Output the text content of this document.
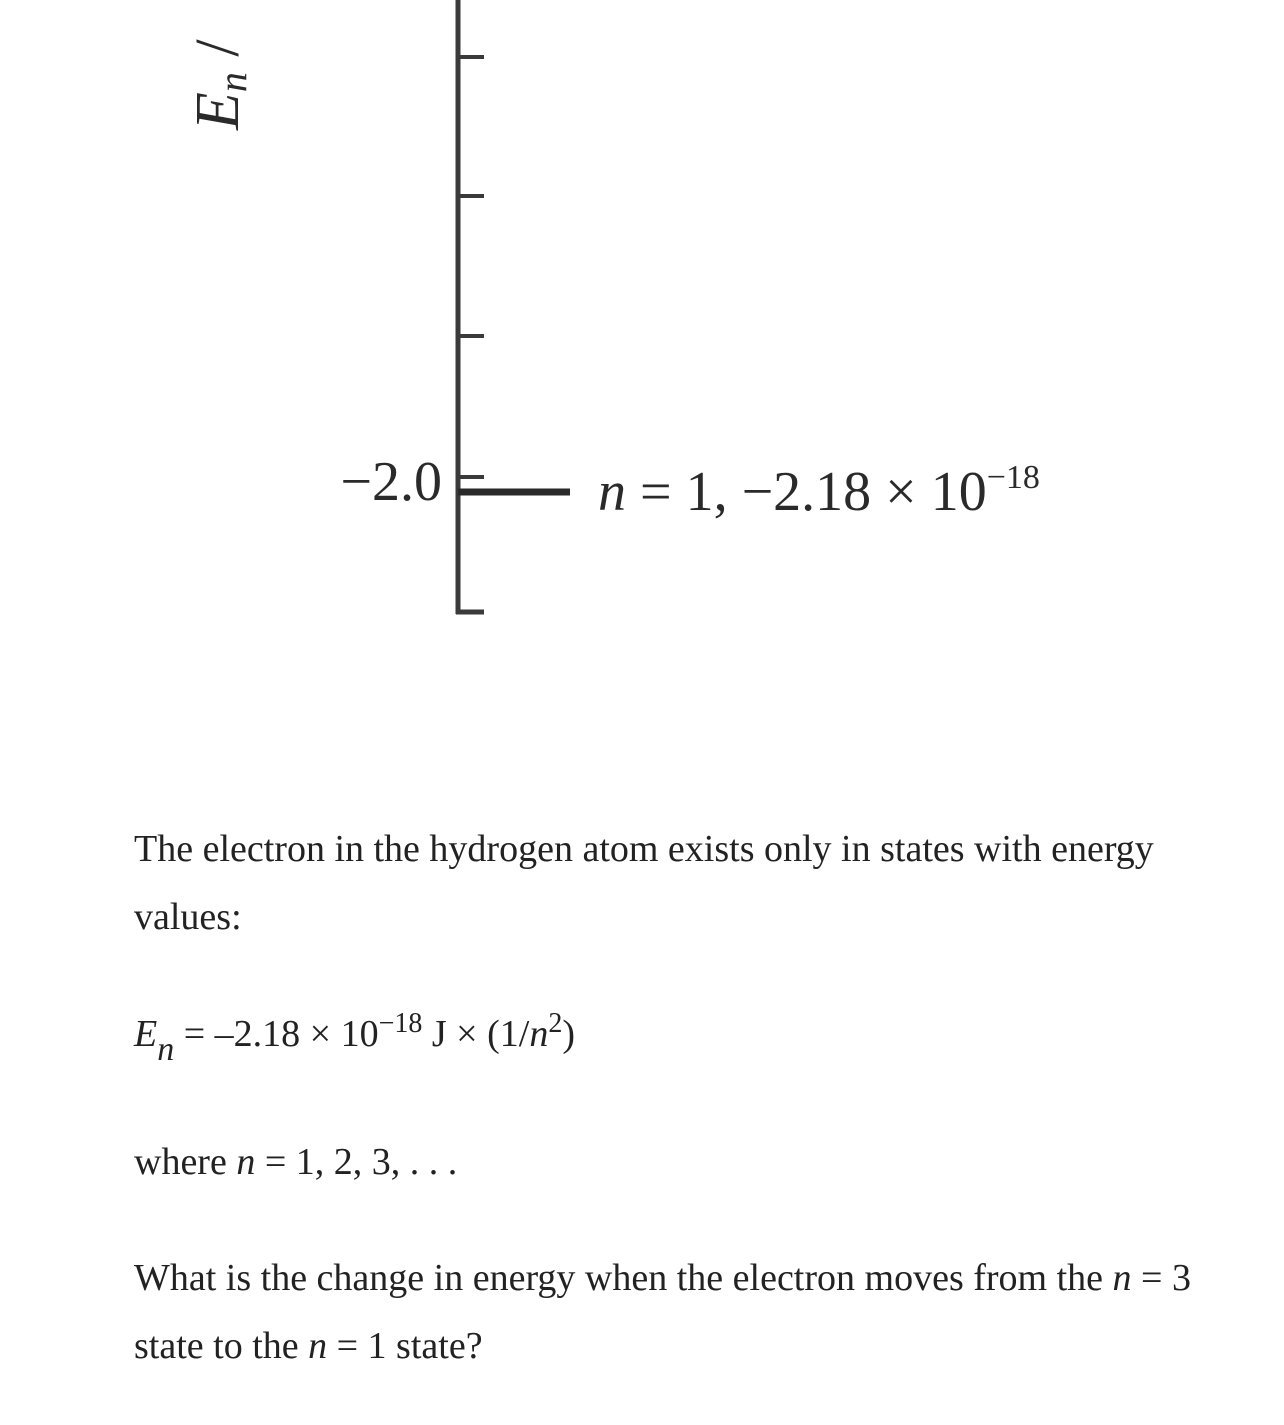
En /
−2.0	n = 1, $-2.18 \times 10^{-18}$

The electron in the hydrogen atom exists only in states with energy values:

$En = -2.18 \times 10^{-18}$ $J \times (1/n^2)$

where n = 1, 2, 3, . . .

What is the change in energy when the electron moves from the n = 3 state to the n = 1 state?
